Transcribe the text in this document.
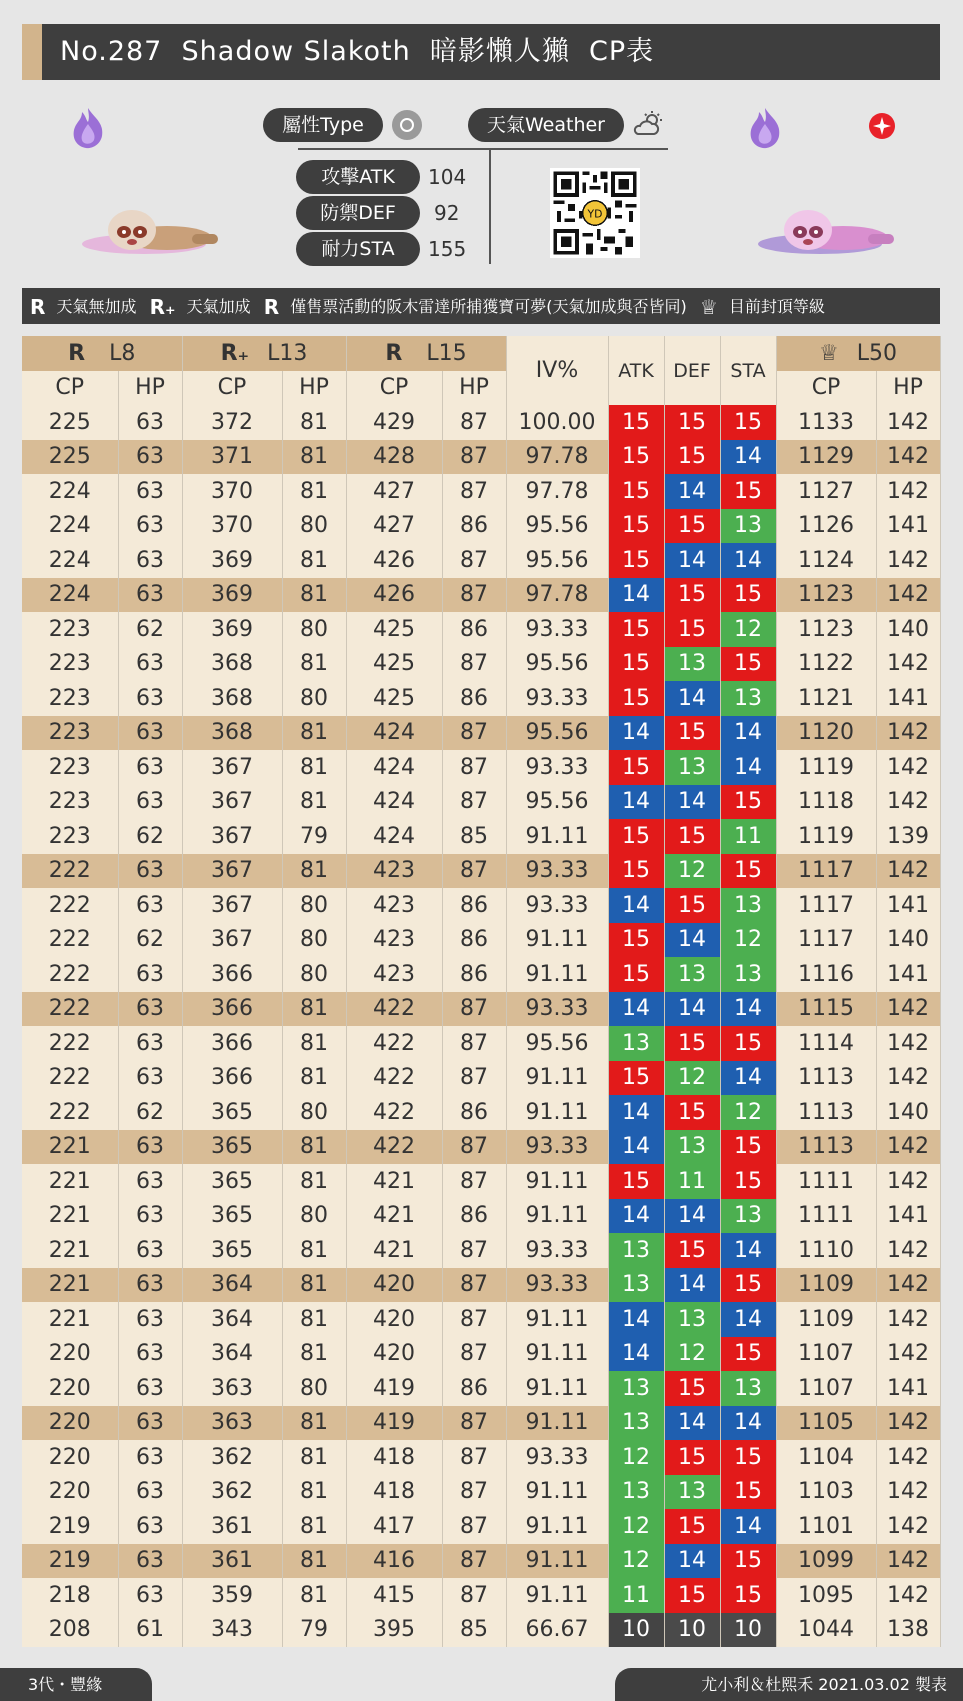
No.287  Shadow Slakoth  暗影懶人獺  CP表
屬性Type	天氣Weather
攻擊ATK	104
防禦DEF	92
耐力STA	155
YD
R 天氣無加成 R₊ 天氣加成 R 僅售票活動的阪木雷達所捕獲寶可夢(天氣加成與否皆同) ♕ 目前封頂等級
R L8		R₊ L13		R L15		IV%	ATK	DEF	STA	♕ L50	
CP	HP	CP	HP	CP	HP					CP	HP
225	63	372	81	429	87	100.00	15	15	15	1133	142
225	63	371	81	428	87	97.78	15	15	14	1129	142
224	63	370	81	427	87	97.78	15	14	15	1127	142
224	63	370	80	427	86	95.56	15	15	13	1126	141
224	63	369	81	426	87	95.56	15	14	14	1124	142
224	63	369	81	426	87	97.78	14	15	15	1123	142
223	62	369	80	425	86	93.33	15	15	12	1123	140
223	63	368	81	425	87	95.56	15	13	15	1122	142
223	63	368	80	425	86	93.33	15	14	13	1121	141
223	63	368	81	424	87	95.56	14	15	14	1120	142
223	63	367	81	424	87	93.33	15	13	14	1119	142
223	63	367	81	424	87	95.56	14	14	15	1118	142
223	62	367	79	424	85	91.11	15	15	11	1119	139
222	63	367	81	423	87	93.33	15	12	15	1117	142
222	63	367	80	423	86	93.33	14	15	13	1117	141
222	62	367	80	423	86	91.11	15	14	12	1117	140
222	63	366	80	423	86	91.11	15	13	13	1116	141
222	63	366	81	422	87	93.33	14	14	14	1115	142
222	63	366	81	422	87	95.56	13	15	15	1114	142
222	63	366	81	422	87	91.11	15	12	14	1113	142
222	62	365	80	422	86	91.11	14	15	12	1113	140
221	63	365	81	422	87	93.33	14	13	15	1113	142
221	63	365	81	421	87	91.11	15	11	15	1111	142
221	63	365	80	421	86	91.11	14	14	13	1111	141
221	63	365	81	421	87	93.33	13	15	14	1110	142
221	63	364	81	420	87	93.33	13	14	15	1109	142
221	63	364	81	420	87	91.11	14	13	14	1109	142
220	63	364	81	420	87	91.11	14	12	15	1107	142
220	63	363	80	419	86	91.11	13	15	13	1107	141
220	63	363	81	419	87	91.11	13	14	14	1105	142
220	63	362	81	418	87	93.33	12	15	15	1104	142
220	63	362	81	418	87	91.11	13	13	15	1103	142
219	63	361	81	417	87	91.11	12	15	14	1101	142
219	63	361	81	416	87	91.11	12	14	15	1099	142
218	63	359	81	415	87	91.11	11	15	15	1095	142
208	61	343	79	395	85	66.67	10	10	10	1044	138
3代・豐緣	尤小利＆杜熙禾 2021.03.02 製表
